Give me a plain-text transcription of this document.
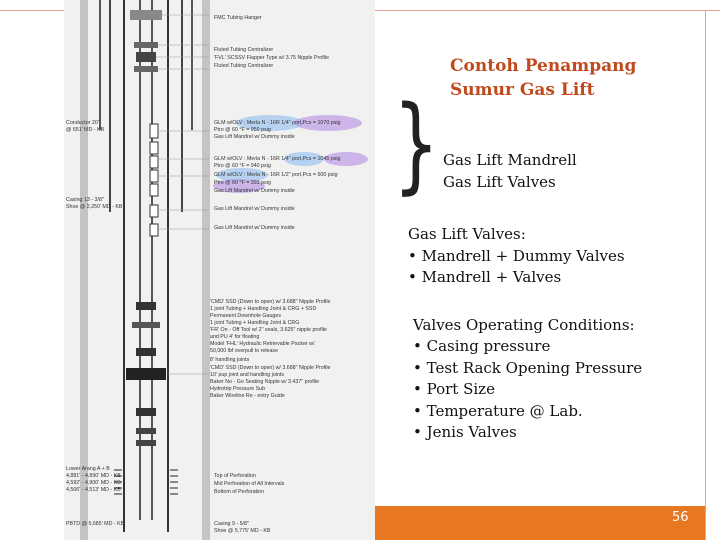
FMC Tubing Hanger
Fluted Tubing Centralizer
'FVL' SCSSV Flapper Type w/ 3.75 Nipple Profile
Fluted Tubing Centralizer
Conductor 20"
@ 651' MD - KB
GLM w/OLV : Merla N - 16R 1/4" port,Pcs = 1070 psig
Ptro @ 60 °F = 950 psig
Gas Lift Mandrel w/ Dummy inside
GLM w/OLV : Merla N - 16R 1/4" port,Pcs = 1045 psig
Ptro @ 60 °F = 940 psig
GLM w/OLV : Merla N - 16R 1/2" port,Pcs = 500 psig
Ptro @ 60 °F = 393 psig
Gas Lift Mandrel w/ Dummy inside
Casing 13 - 3/8"
Shoe @ 2,250' MD - KB	Gas Lift Mandrel w/ Dummy inside
Gas Lift Mandrel w/ Dummy inside
'CMD' SSD (Down to open) w/ 3.688" Nipple Profile
1 joint Tubing + Handling Joint & CRG + SSD
Permanent Downhole Gauges
1 joint Tubing + Handling Joint & CRG
'FR' On - Off Tool w/ 2" seals, 3.625" nipple profile
and PU 4' for floating
Model 'FHL' Hydraulic Retrievable Packer w/
50,000 lbf overpull to release
8' handling joints
'CMD' SSD (Down to open) w/ 3.688" Nipple Profile
10' pup joint and handling joints
Baker No - Go Seating Nipple w/ 3.437" profile
Hydrotrip Pressure Sub
Baker Wireline Re - entry Guide
Lower Arang A + B
4,881' - 4,890' MD - KB
4,592' - 4,900' MD - KB
4,506' - 4,513' MD - KB
Top of Perforation
Mid Perforation of All Intervals
Bottom of Perforation
PBTD @ 5,685' MD - KB	Casing 9 - 5/8"
Shoe @ 5,775' MD - KB
Contoh Penampang
Sumur Gas Lift
} Gas Lift Mandrell
Gas Lift Valves
Gas Lift Valves:
• Mandrell + Dummy Valves
• Mandrell + Valves
Valves Operating Conditions:
• Casing pressure
• Test Rack Opening Pressure
• Port Size
• Temperature @ Lab.
• Jenis Valves
56
